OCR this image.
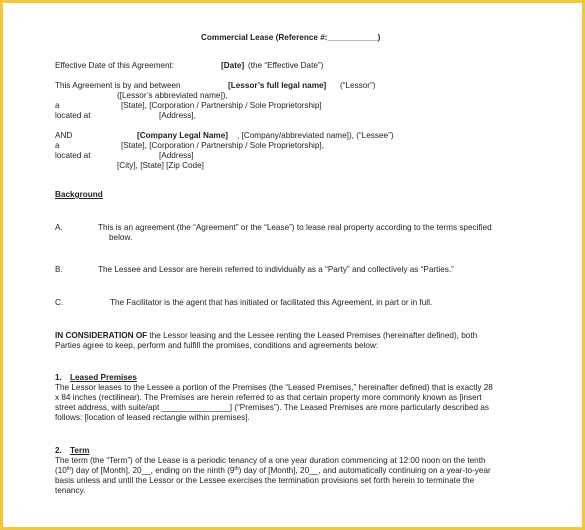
Commercial Lease (Reference #:___________)
Effective Date of this Agreement:	[Date] (the “Effective Date”)
This Agreement is by and between	[Lessor’s full legal name] (“Lessor”)
([Lessor’s abbreviated name]),
a	[State], [Corporation / Partnership / Sole Proprietorship]
located at	[Address],
AND	[Company Legal Name] , [Company/abbreviated name]), (“Lessee”)
a	[State], [Corporation / Partnership / Sole Proprietorship],
located at	[Address]
[City], [State] [Zip Code]
Background
A.	This is an agreement (the “Agreement” or the “Lease”) to lease real property according to the terms specified
below.
B.	The Lessee and Lessor are herein referred to individually as a “Party” and collectively as “Parties.”
C.	The Facilitator is the agent that has initiated or facilitated this Agreement, in part or in full.
IN CONSIDERATION OF the Lessor leasing and the Lessee renting the Leased Premises (hereinafter defined), both
Parties agree to keep, perform and fulfill the promises, conditions and agreements below:
1. Leased Premises
The Lessor leases to the Lessee a portion of the Premises (the “Leased Premises,” hereinafter defined) that is exactly 28
x 84 inches (rectilinear). The Premises are herein referred to as that certain property more commonly known as [insert
street address, with suite/apt _______________] (“Premises”). The Leased Premises are more particularly described as
follows: [location of leased rectangle within premises].
2. Term
The term (the “Term”) of the Lease is a periodic tenancy of a one year duration commencing at 12:00 noon on the tenth
(10th) day of [Month], 20__, ending on the ninth (9th) day of [Month], 20__, and automatically continuing on a year-to-year
basis unless and until the Lessor or the Lessee exercises the termination provisions set forth herein to terminate the
tenancy.
